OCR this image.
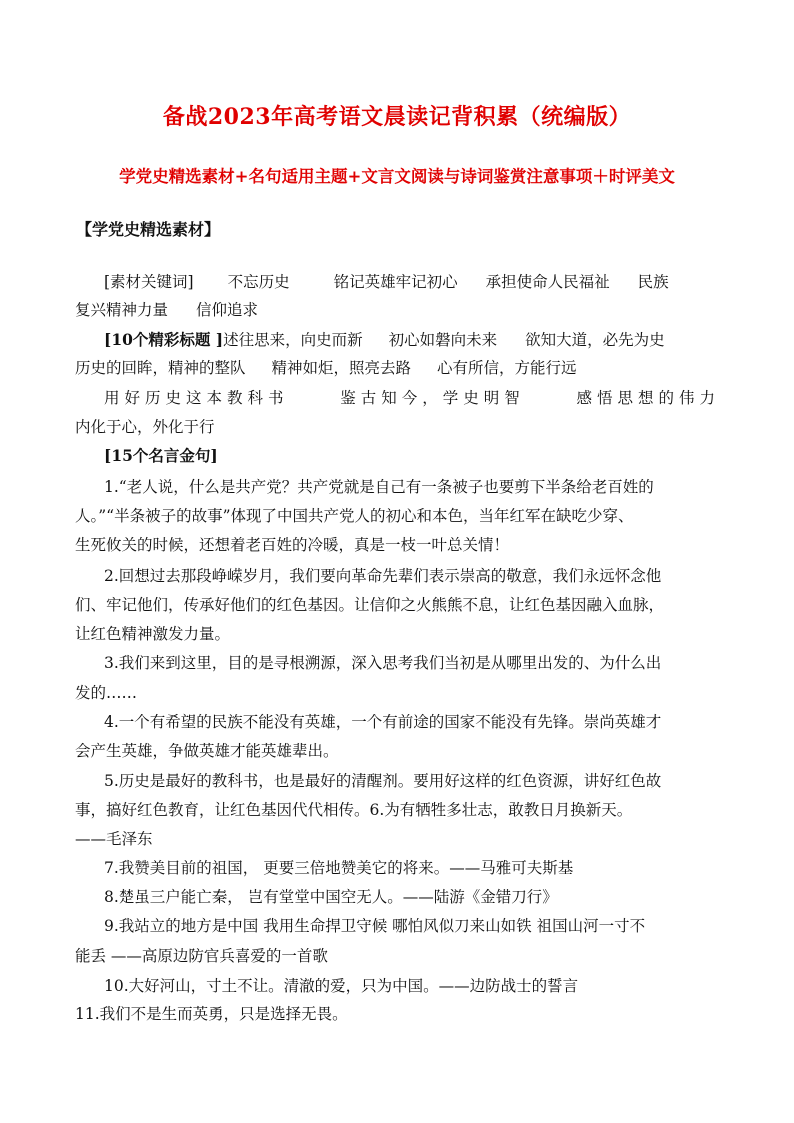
备战2023年高考语文晨读记背积累（统编版）
学党史精选素材+名句适用主题+文言文阅读与诗词鉴赏注意事项＋时评美文
【学党史精选素材】
[素材关键词] 不忘历史	铭记英雄牢记初心 承担使命人民福祉 民族
复兴精神力量 信仰追求
[10个精彩标题 ]述往思来，向史而新 初心如磐向未来 欲知大道，必先为史
历史的回眸，精神的整队 精神如炬，照亮去路 心有所信，方能行远
用好历史这本教科书	鉴古知今，学史明智	感悟思想的伟力
内化于心，外化于行
[15个名言金句]
1.“老人说，什么是共产党？共产党就是自己有一条被子也要剪下半条给老百姓的
人。”“半条被子的故事”体现了中国共产党人的初心和本色，当年红军在缺吃少穿、
生死攸关的时候，还想着老百姓的冷暖，真是一枝一叶总关情！
2.回想过去那段峥嵘岁月，我们要向革命先辈们表示崇高的敬意，我们永远怀念他
们、牢记他们，传承好他们的红色基因。让信仰之火熊熊不息，让红色基因融入血脉，
让红色精神激发力量。
3.我们来到这里，目的是寻根溯源，深入思考我们当初是从哪里出发的、为什么出
发的……
4.一个有希望的民族不能没有英雄，一个有前途的国家不能没有先锋。崇尚英雄才
会产生英雄，争做英雄才能英雄辈出。
5.历史是最好的教科书，也是最好的清醒剂。要用好这样的红色资源，讲好红色故
事，搞好红色教育，让红色基因代代相传。6.为有牺牲多壮志，敢教日月换新天。
——毛泽东
7.我赞美目前的祖国， 更要三倍地赞美它的将来。——马雅可夫斯基
8.楚虽三户能亡秦， 岂有堂堂中国空无人。——陆游《金错刀行》
9.我站立的地方是中国 我用生命捍卫守候 哪怕风似刀来山如铁 祖国山河一寸不
能丢 ——高原边防官兵喜爱的一首歌
10.大好河山，寸土不让。清澈的爱，只为中国。——边防战士的誓言
11.我们不是生而英勇，只是选择无畏。
